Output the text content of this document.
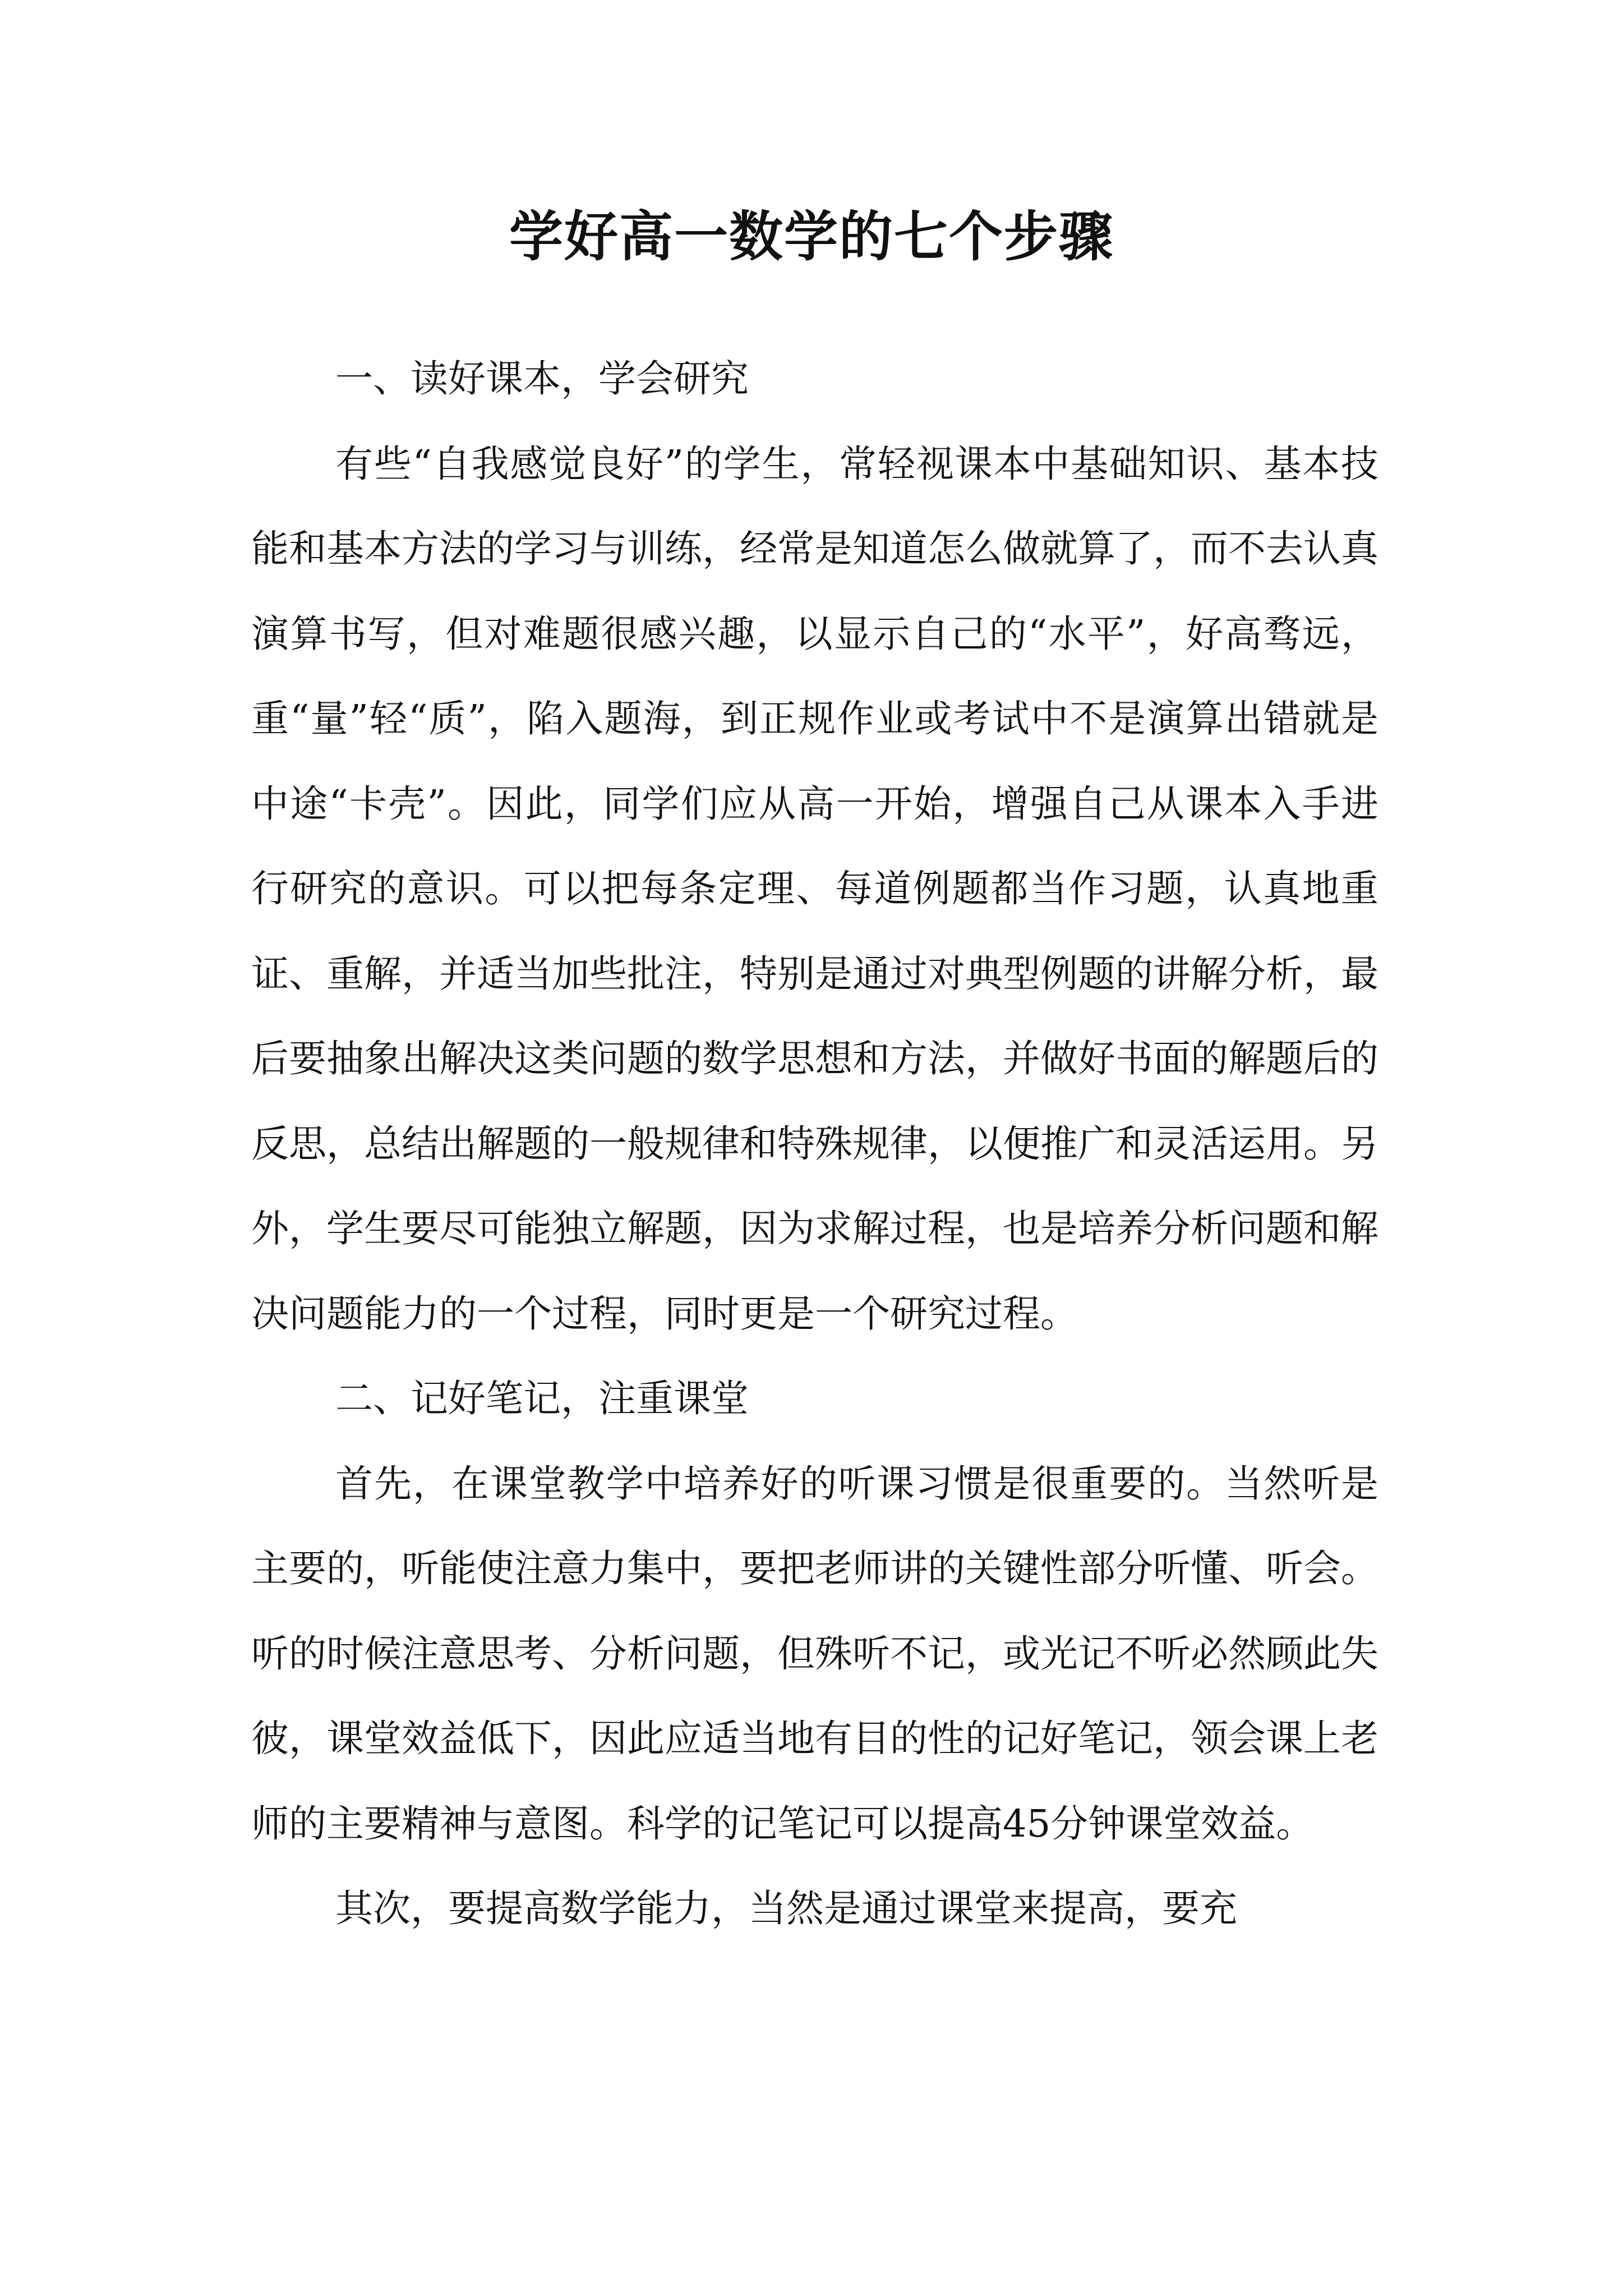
学好高一数学的七个步骤

一、读好课本，学会研究

有些“自我感觉良好”的学生，常轻视课本中基础知识、基本技能和基本方法的学习与训练，经常是知道怎么做就算了，而不去认真演算书写，但对难题很感兴趣，以显示自己的“水平”，好高骛远，重“量”轻“质”，陷入题海，到正规作业或考试中不是演算出错就是中途“卡壳”。因此，同学们应从高一开始，增强自己从课本入手进行研究的意识。可以把每条定理、每道例题都当作习题，认真地重证、重解，并适当加些批注，特别是通过对典型例题的讲解分析，最后要抽象出解决这类问题的数学思想和方法，并做好书面的解题后的反思，总结出解题的一般规律和特殊规律，以便推广和灵活运用。另外，学生要尽可能独立解题，因为求解过程，也是培养分析问题和解决问题能力的一个过程，同时更是一个研究过程。

二、记好笔记，注重课堂

首先，在课堂教学中培养好的听课习惯是很重要的。当然听是主要的，听能使注意力集中，要把老师讲的关键性部分听懂、听会。听的时候注意思考、分析问题，但殊听不记，或光记不听必然顾此失彼，课堂效益低下，因此应适当地有目的性的记好笔记，领会课上老师的主要精神与意图。科学的记笔记可以提高45分钟课堂效益。

其次，要提高数学能力，当然是通过课堂来提高，要充
